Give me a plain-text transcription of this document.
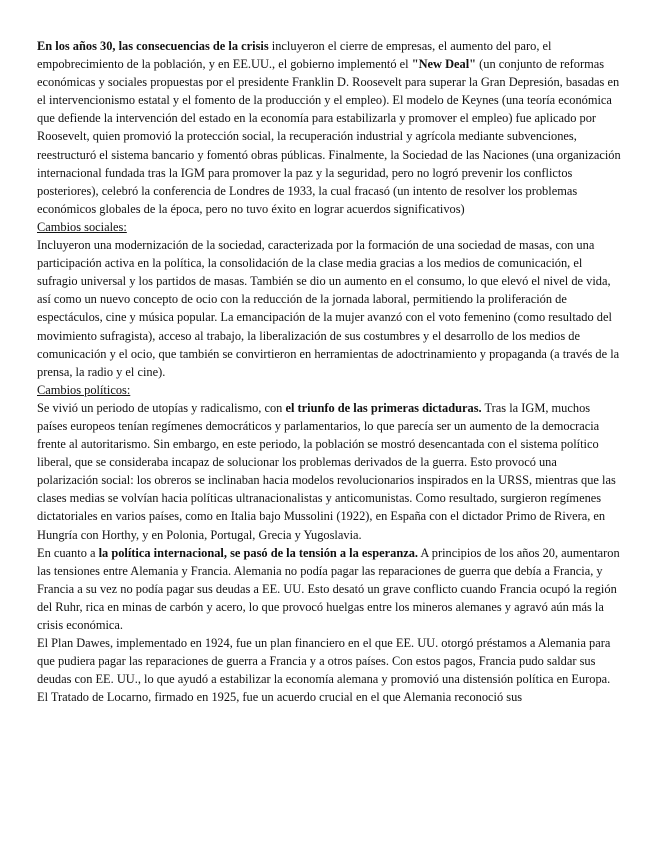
En los años 30, las consecuencias de la crisis incluyeron el cierre de empresas, el aumento del paro, el empobrecimiento de la población, y en EE.UU., el gobierno implementó el "New Deal" (un conjunto de reformas económicas y sociales propuestas por el presidente Franklin D. Roosevelt para superar la Gran Depresión, basadas en el intervencionismo estatal y el fomento de la producción y el empleo). El modelo de Keynes (una teoría económica que defiende la intervención del estado en la economía para estabilizarla y promover el empleo) fue aplicado por Roosevelt, quien promovió la protección social, la recuperación industrial y agrícola mediante subvenciones, reestructuró el sistema bancario y fomentó obras públicas. Finalmente, la Sociedad de las Naciones (una organización internacional fundada tras la IGM para promover la paz y la seguridad, pero no logró prevenir los conflictos posteriores), celebró la conferencia de Londres de 1933, la cual fracasó (un intento de resolver los problemas económicos globales de la época, pero no tuvo éxito en lograr acuerdos significativos)

Cambios sociales:

Incluyeron una modernización de la sociedad, caracterizada por la formación de una sociedad de masas, con una participación activa en la política, la consolidación de la clase media gracias a los medios de comunicación, el sufragio universal y los partidos de masas. También se dio un aumento en el consumo, lo que elevó el nivel de vida, así como un nuevo concepto de ocio con la reducción de la jornada laboral, permitiendo la proliferación de espectáculos, cine y música popular. La emancipación de la mujer avanzó con el voto femenino (como resultado del movimiento sufragista), acceso al trabajo, la liberalización de sus costumbres y el desarrollo de los medios de comunicación y el ocio, que también se convirtieron en herramientas de adoctrinamiento y propaganda (a través de la prensa, la radio y el cine).

Cambios políticos:

Se vivió un periodo de utopías y radicalismo, con el triunfo de las primeras dictaduras. Tras la IGM, muchos países europeos tenían regímenes democráticos y parlamentarios, lo que parecía ser un aumento de la democracia frente al autoritarismo. Sin embargo, en este periodo, la población se mostró desencantada con el sistema político liberal, que se consideraba incapaz de solucionar los problemas derivados de la guerra. Esto provocó una polarización social: los obreros se inclinaban hacia modelos revolucionarios inspirados en la URSS, mientras que las clases medias se volvían hacia políticas ultranacionalistas y anticomunistas. Como resultado, surgieron regímenes dictatoriales en varios países, como en Italia bajo Mussolini (1922), en España con el dictador Primo de Rivera, en Hungría con Horthy, y en Polonia, Portugal, Grecia y Yugoslavia.

En cuanto a la política internacional, se pasó de la tensión a la esperanza. A principios de los años 20, aumentaron las tensiones entre Alemania y Francia. Alemania no podía pagar las reparaciones de guerra que debía a Francia, y Francia a su vez no podía pagar sus deudas a EE. UU. Esto desató un grave conflicto cuando Francia ocupó la región del Ruhr, rica en minas de carbón y acero, lo que provocó huelgas entre los mineros alemanes y agravó aún más la crisis económica.

El Plan Dawes, implementado en 1924, fue un plan financiero en el que EE. UU. otorgó préstamos a Alemania para que pudiera pagar las reparaciones de guerra a Francia y a otros países. Con estos pagos, Francia pudo saldar sus deudas con EE. UU., lo que ayudó a estabilizar la economía alemana y promovió una distensión política en Europa.

El Tratado de Locarno, firmado en 1925, fue un acuerdo crucial en el que Alemania reconoció sus
